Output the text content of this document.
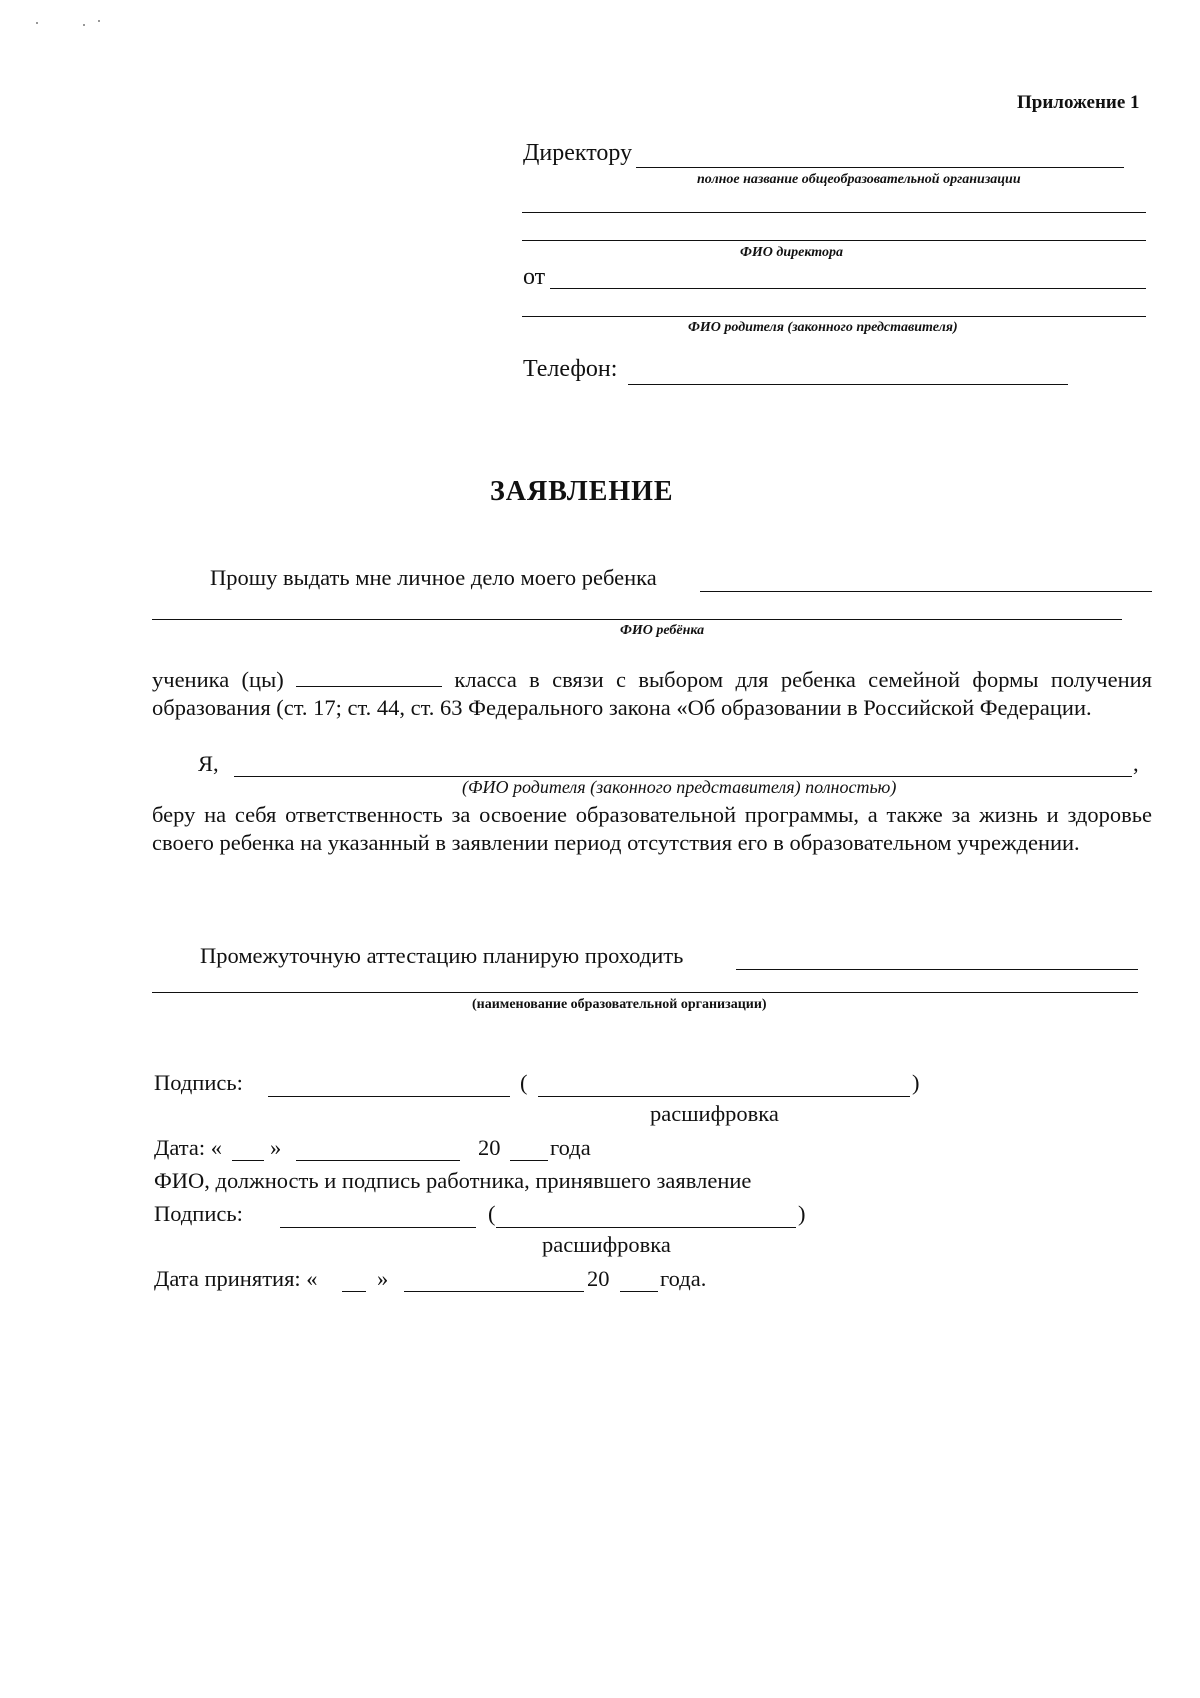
Приложение 1
Директору
полное название общеобразовательной организации
ФИО директора
от
ФИО родителя (законного представителя)
Телефон:
ЗАЯВЛЕНИЕ
Прошу выдать мне личное дело моего ребенка
ФИО ребёнка

ученика (цы)	класса в связи с выбором для ребенка семейной формы получения образования (ст. 17; ст. 44, ст. 63 Федерального закона «Об образовании в Российской Федерации.

Я,	,
(ФИО родителя (законного представителя) полностью)

беру на себя ответственность за освоение образовательной программы, а также за жизнь и здоровье своего ребенка на указанный в заявлении период отсутствия его в образовательном учреждении.

Промежуточную аттестацию планирую проходить
(наименование образовательной организации)
Подпись:	(	)
расшифровка
Дата: « »	20 года
ФИО, должность и подпись работника, принявшего заявление
Подпись:	(	)
расшифровка
Дата принятия: «	»	20 года.
